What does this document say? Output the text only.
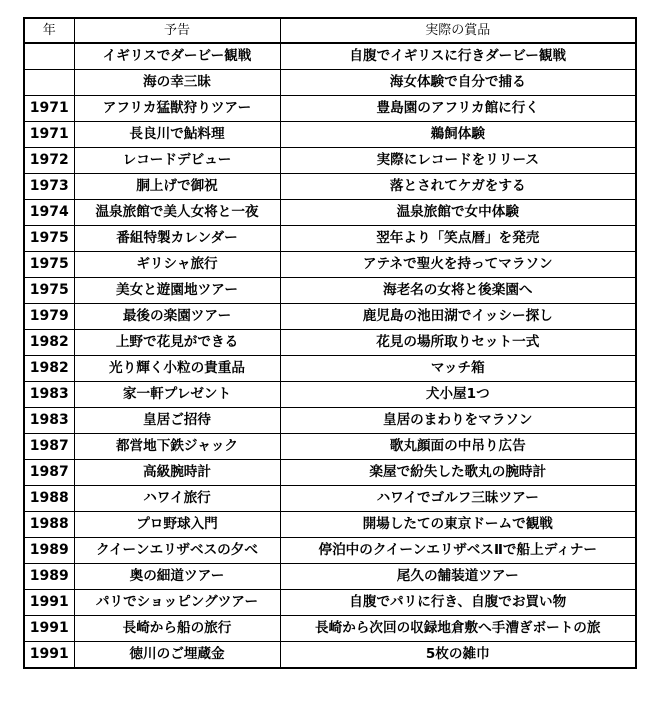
年	予告	実際の賞品
	イギリスでダービー観戦	自腹でイギリスに行きダービー観戦
	海の幸三昧	海女体験で自分で捕る
1971	アフリカ猛獣狩りツアー	豊島園のアフリカ館に行く
1971	長良川で鮎料理	鵜飼体験
1972	レコードデビュー	実際にレコードをリリース
1973	胴上げで御祝	落とされてケガをする
1974	温泉旅館で美人女将と一夜	温泉旅館で女中体験
1975	番組特製カレンダー	翌年より「笑点暦」を発売
1975	ギリシャ旅行	アテネで聖火を持ってマラソン
1975	美女と遊園地ツアー	海老名の女将と後楽園へ
1979	最後の楽園ツアー	鹿児島の池田湖でイッシー探し
1982	上野で花見ができる	花見の場所取りセット一式
1982	光り輝く小粒の貴重品	マッチ箱
1983	家一軒プレゼント	犬小屋1つ
1983	皇居ご招待	皇居のまわりをマラソン
1987	都営地下鉄ジャック	歌丸顔面の中吊り広告
1987	高級腕時計	楽屋で紛失した歌丸の腕時計
1988	ハワイ旅行	ハワイでゴルフ三昧ツアー
1988	プロ野球入門	開場したての東京ドームで観戦
1989	クイーンエリザベスの夕べ	停泊中のクイーンエリザベスⅡで船上ディナー
1989	奥の細道ツアー	尾久の舗装道ツアー
1991	パリでショッピングツアー	自腹でパリに行き、自腹でお買い物
1991	長崎から船の旅行	長崎から次回の収録地倉敷へ手漕ぎボートの旅
1991	徳川のご埋蔵金	5枚の雑巾
